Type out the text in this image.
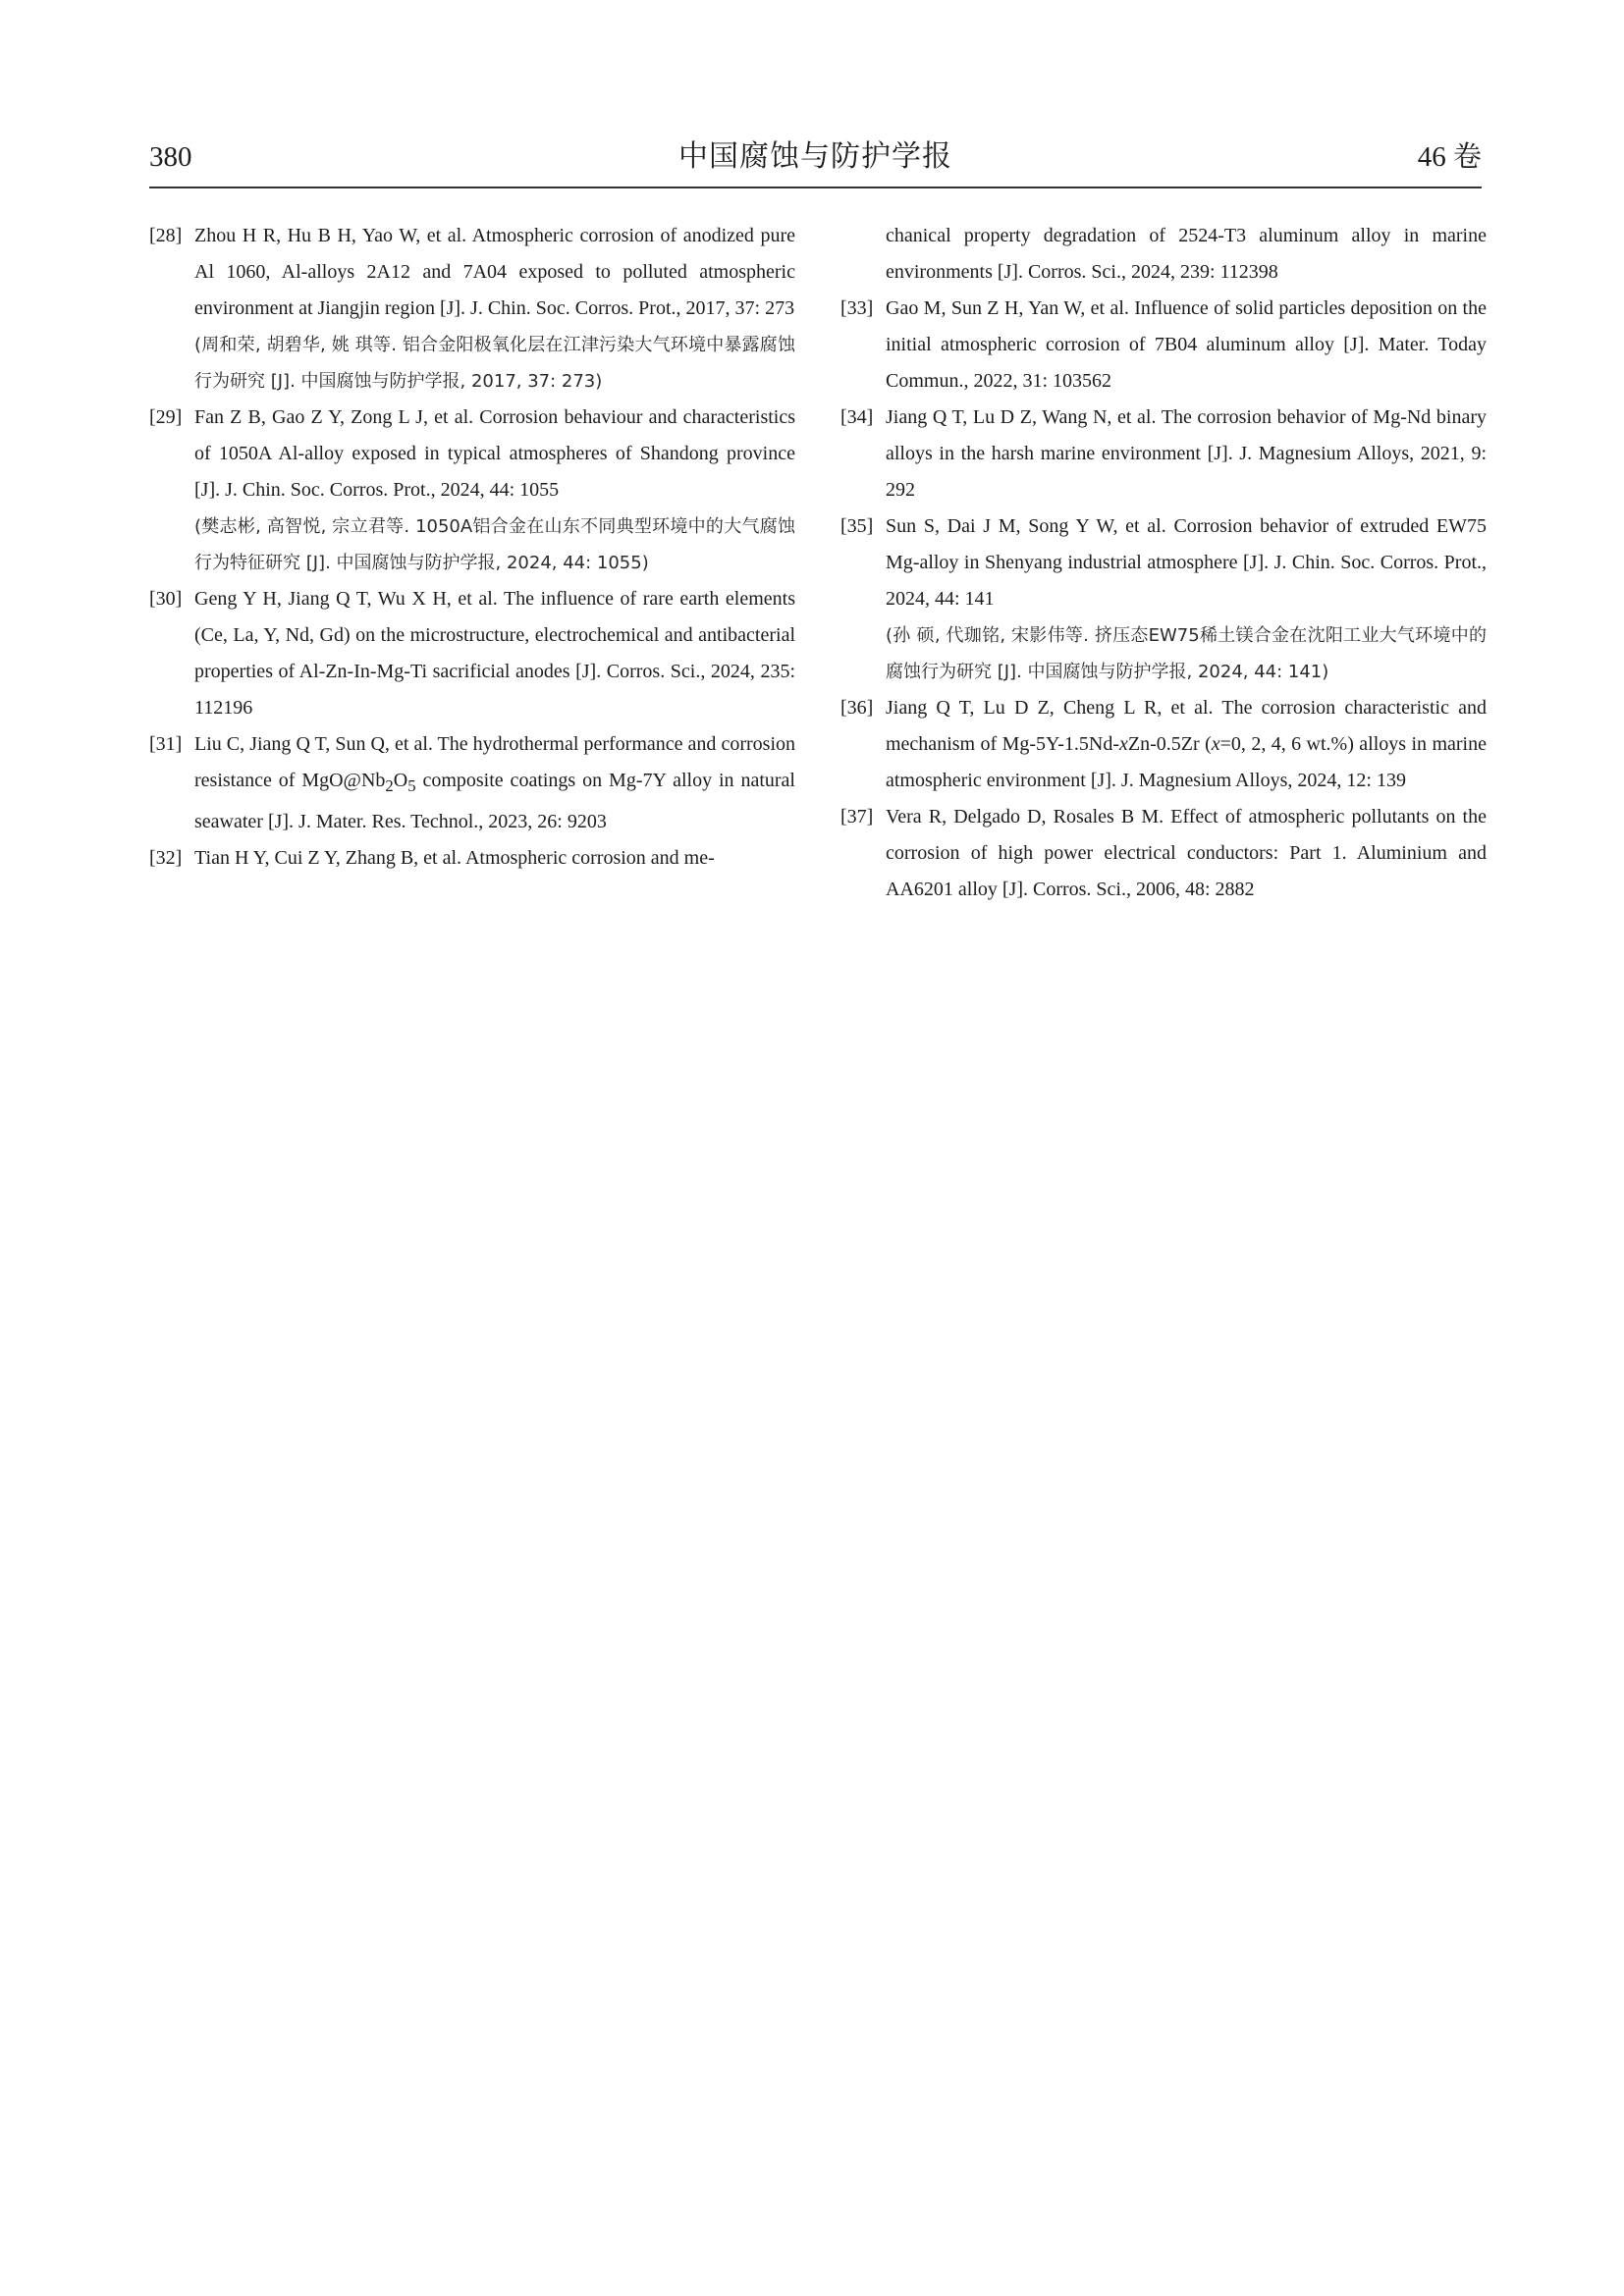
380	中国腐蚀与防护学报	46 卷

[28] Zhou H R, Hu B H, Yao W, et al. Atmospheric corrosion of anodized pure Al 1060, Al-alloys 2A12 and 7A04 exposed to polluted atmospheric environment at Jiangjin region [J]. J. Chin. Soc. Corros. Prot., 2017, 37: 273
(周和荣, 胡碧华, 姚 琪等. 铝合金阳极氧化层在江津污染大气环境中暴露腐蚀行为研究 [J]. 中国腐蚀与防护学报, 2017, 37: 273)

[29] Fan Z B, Gao Z Y, Zong L J, et al. Corrosion behaviour and characteristics of 1050A Al-alloy exposed in typical atmospheres of Shandong province [J]. J. Chin. Soc. Corros. Prot., 2024, 44: 1055
(樊志彬, 高智悦, 宗立君等. 1050A铝合金在山东不同典型环境中的大气腐蚀行为特征研究 [J]. 中国腐蚀与防护学报, 2024, 44: 1055)

[30] Geng Y H, Jiang Q T, Wu X H, et al. The influence of rare earth elements (Ce, La, Y, Nd, Gd) on the microstructure, electrochemical and antibacterial properties of Al-Zn-In-Mg-Ti sacrificial anodes [J]. Corros. Sci., 2024, 235: 112196

[31] Liu C, Jiang Q T, Sun Q, et al. The hydrothermal performance and corrosion resistance of $MgO@Nb_2O_5$ composite coatings on Mg-7Y alloy in natural seawater [J]. J. Mater. Res. Technol., 2023, 26: 9203

[32] Tian H Y, Cui Z Y, Zhang B, et al. Atmospheric corrosion and me-

chanical property degradation of 2524-T3 aluminum alloy in marine environments [J]. Corros. Sci., 2024, 239: 112398

[33] Gao M, Sun Z H, Yan W, et al. Influence of solid particles deposition on the initial atmospheric corrosion of 7B04 aluminum alloy [J]. Mater. Today Commun., 2022, 31: 103562

[34] Jiang Q T, Lu D Z, Wang N, et al. The corrosion behavior of Mg-Nd binary alloys in the harsh marine environment [J]. J. Magnesium Alloys, 2021, 9: 292

[35] Sun S, Dai J M, Song Y W, et al. Corrosion behavior of extruded EW75 Mg-alloy in Shenyang industrial atmosphere [J]. J. Chin. Soc. Corros. Prot., 2024, 44: 141
(孙 硕, 代珈铭, 宋影伟等. 挤压态EW75稀土镁合金在沈阳工业大气环境中的腐蚀行为研究 [J]. 中国腐蚀与防护学报, 2024, 44: 141)

[36] Jiang Q T, Lu D Z, Cheng L R, et al. The corrosion characteristic and mechanism of Mg-5Y-1.5Nd-xZn-0.5Zr (x=0, 2, 4, 6 wt.%) alloys in marine atmospheric environment [J]. J. Magnesium Alloys, 2024, 12: 139

[37] Vera R, Delgado D, Rosales B M. Effect of atmospheric pollutants on the corrosion of high power electrical conductors: Part 1. Aluminium and AA6201 alloy [J]. Corros. Sci., 2006, 48: 2882
